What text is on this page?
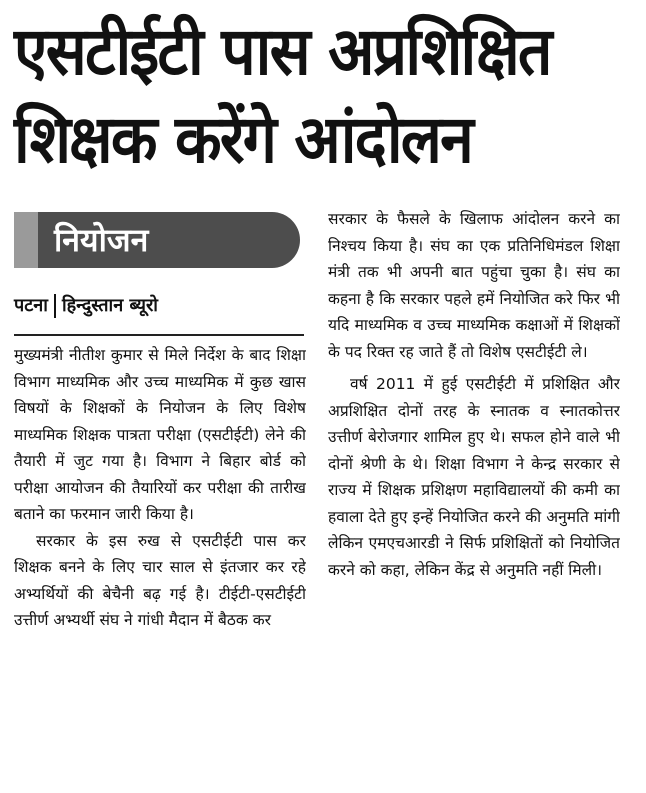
एसटीईटी पास अप्रशिक्षित शिक्षक करेंगे आंदोलन
नियोजन
पटना हिन्दुस्तान ब्यूरो

मुख्यमंत्री नीतीश कुमार से मिले निर्देश के बाद शिक्षा विभाग माध्यमिक और उच्च माध्यमिक में कुछ खास विषयों के शिक्षकों के नियोजन के लिए विशेष माध्यमिक शिक्षक पात्रता परीक्षा (एसटीईटी) लेने की तैयारी में जुट गया है। विभाग ने बिहार बोर्ड को परीक्षा आयोजन की तैयारियों कर परीक्षा की तारीख बताने का फरमान जारी किया है।

सरकार के इस रुख से एसटीईटी पास कर शिक्षक बनने के लिए चार साल से इंतजार कर रहे अभ्यर्थियों की बेचैनी बढ़ गई है। टीईटी-एसटीईटी उत्तीर्ण अभ्यर्थी संघ ने गांधी मैदान में बैठक कर

सरकार के फैसले के खिलाफ आंदोलन करने का निश्चय किया है। संघ का एक प्रतिनिधिमंडल शिक्षा मंत्री तक भी अपनी बात पहुंचा चुका है। संघ का कहना है कि सरकार पहले हमें नियोजित करे फिर भी यदि माध्यमिक व उच्च माध्यमिक कक्षाओं में शिक्षकों के पद रिक्त रह जाते हैं तो विशेष एसटीईटी ले।

वर्ष 2011 में हुई एसटीईटी में प्रशिक्षित और अप्रशिक्षित दोनों तरह के स्नातक व स्नातकोत्तर उत्तीर्ण बेरोजगार शामिल हुए थे। सफल होने वाले भी दोनों श्रेणी के थे। शिक्षा विभाग ने केन्द्र सरकार से राज्य में शिक्षक प्रशिक्षण महाविद्यालयों की कमी का हवाला देते हुए इन्हें नियोजित करने की अनुमति मांगी लेकिन एमएचआरडी ने सिर्फ प्रशिक्षितों को नियोजित करने को कहा, लेकिन केंद्र से अनुमति नहीं मिली।
